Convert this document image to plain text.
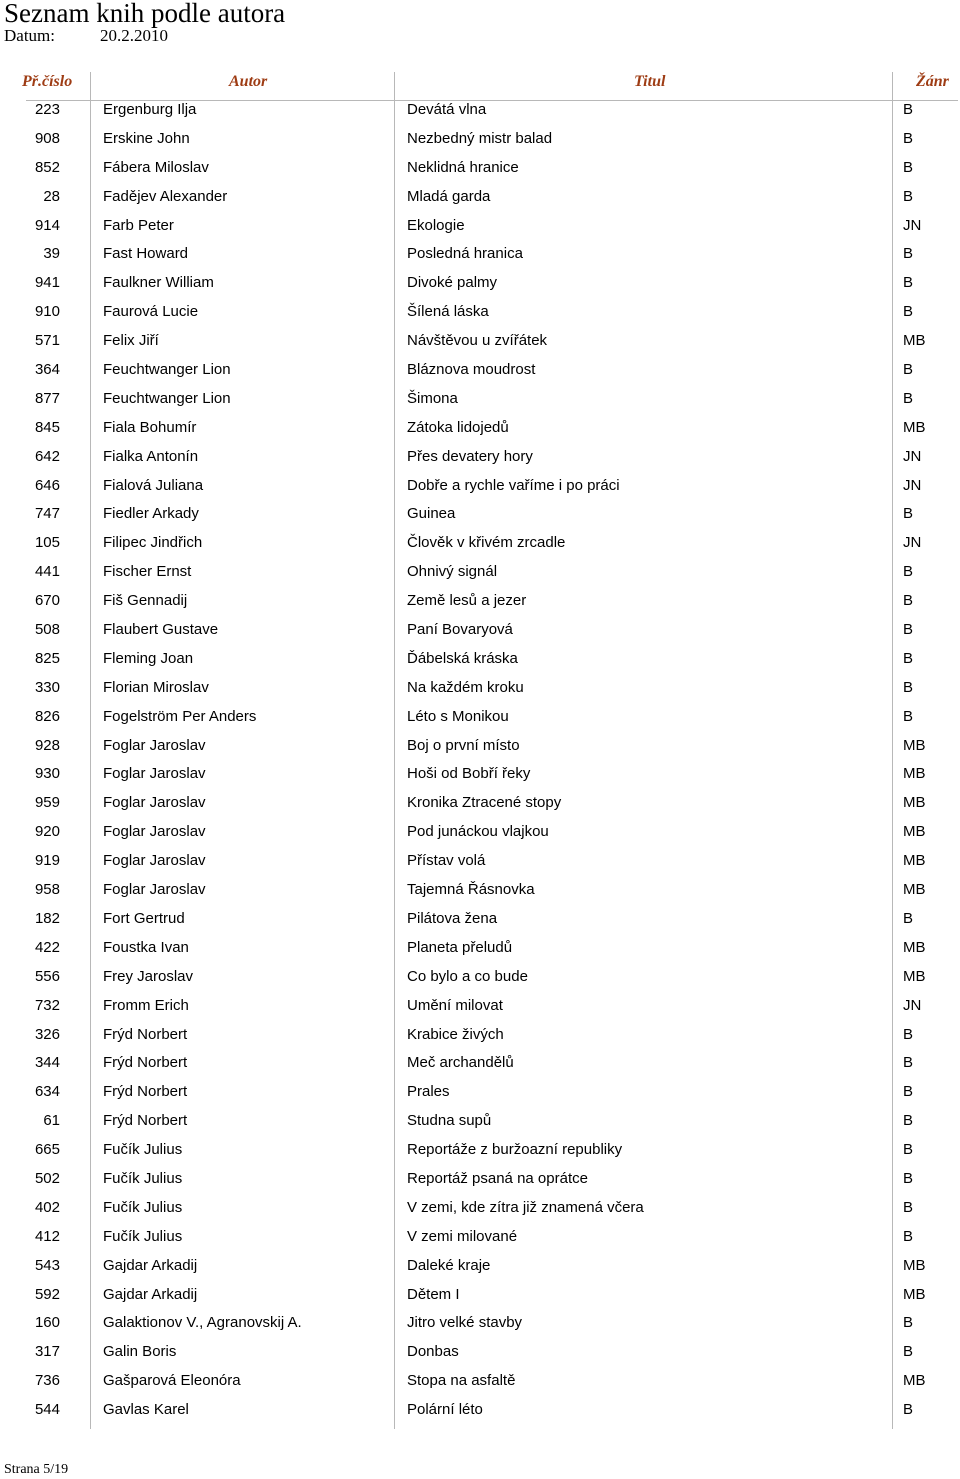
Seznam knih podle autora
Datum:	20.2.2010
Př.číslo	Autor	Titul	Žánr
223	Ergenburg Ilja	Devátá vlna	B
908	Erskine John	Nezbedný mistr balad	B
852	Fábera Miloslav	Neklidná hranice	B
28	Fadějev Alexander	Mladá garda	B
914	Farb Peter	Ekologie	JN
39	Fast Howard	Posledná hranica	B
941	Faulkner William	Divoké palmy	B
910	Faurová Lucie	Šílená láska	B
571	Felix Jiří	Návštěvou u zvířátek	MB
364	Feuchtwanger Lion	Bláznova moudrost	B
877	Feuchtwanger Lion	Šimona	B
845	Fiala Bohumír	Zátoka lidojedů	MB
642	Fialka Antonín	Přes devatery hory	JN
646	Fialová Juliana	Dobře a rychle vaříme i po práci	JN
747	Fiedler Arkady	Guinea	B
105	Filipec Jindřich	Člověk v křivém zrcadle	JN
441	Fischer Ernst	Ohnivý signál	B
670	Fiš Gennadij	Země lesů a jezer	B
508	Flaubert Gustave	Paní Bovaryová	B
825	Fleming Joan	Ďábelská kráska	B
330	Florian Miroslav	Na každém kroku	B
826	Fogelström Per Anders	Léto s Monikou	B
928	Foglar Jaroslav	Boj o první místo	MB
930	Foglar Jaroslav	Hoši od Bobří řeky	MB
959	Foglar Jaroslav	Kronika Ztracené stopy	MB
920	Foglar Jaroslav	Pod junáckou vlajkou	MB
919	Foglar Jaroslav	Přístav volá	MB
958	Foglar Jaroslav	Tajemná Řásnovka	MB
182	Fort Gertrud	Pilátova žena	B
422	Foustka Ivan	Planeta přeludů	MB
556	Frey Jaroslav	Co bylo a co bude	MB
732	Fromm Erich	Umění milovat	JN
326	Frýd Norbert	Krabice živých	B
344	Frýd Norbert	Meč archandělů	B
634	Frýd Norbert	Prales	B
61	Frýd Norbert	Studna supů	B
665	Fučík Julius	Reportáže z buržoazní republiky	B
502	Fučík Julius	Reportáž psaná na oprátce	B
402	Fučík Julius	V zemi, kde zítra již znamená včera	B
412	Fučík Julius	V zemi milované	B
543	Gajdar Arkadij	Daleké kraje	MB
592	Gajdar Arkadij	Dětem I	MB
160	Galaktionov V., Agranovskij A.	Jitro velké stavby	B
317	Galin Boris	Donbas	B
736	Gašparová Eleonóra	Stopa na asfaltě	MB
544	Gavlas Karel	Polární léto	B
Strana 5/19
